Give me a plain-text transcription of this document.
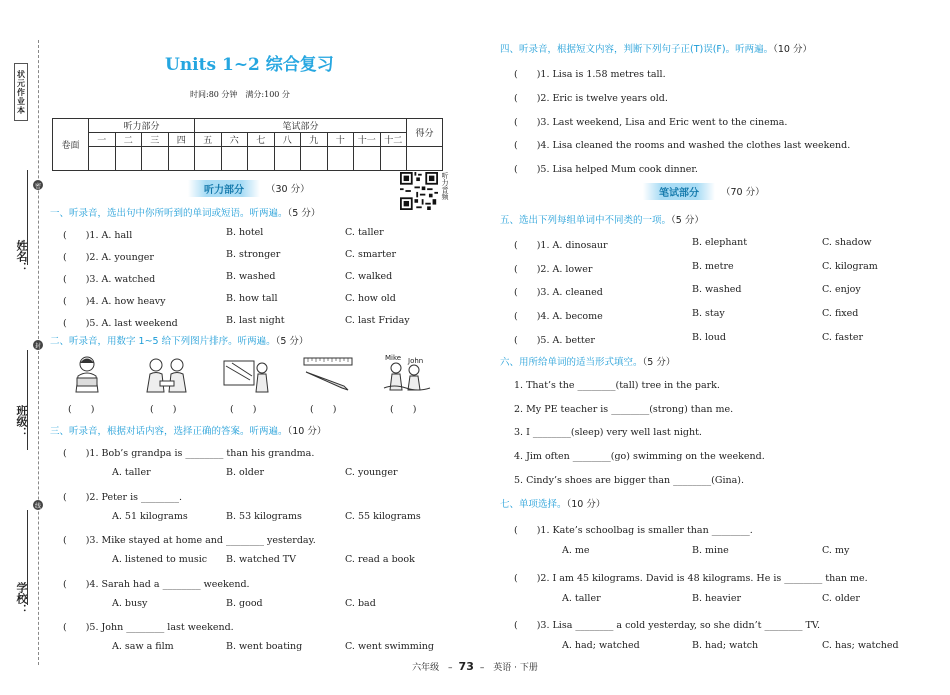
状元作业本
姓名：
班级：
学校：
密
封
线
Units 1~2 综合复习
时间:80 分钟　满分:100 分
卷面	听力部分				笔试部分								得分
	一	二	三	四	五	六	七	八	九	十	十一	十二	

听力音频
听力部分	（30 分）
一、听录音，选出句中你所听到的单词或短语。听两遍。（5 分）
(　　)1. A. hall	B. hotel	C. taller
(　　)2. A. younger	B. stronger	C. smarter
(　　)3. A. watched	B. washed	C. walked
(　　)4. A. how heavy	B. how tall	C. how old
(　　)5. A. last weekend	B. last night	C. last Friday
二、听录音，用数字 1~5 给下列图片排序。听两遍。（5 分）
Mike John
(　　)	(　　)	(　　)	(　　)	(　　)
三、听录音，根据对话内容，选择正确的答案。听两遍。（10 分）
(　　)1. Bob’s grandpa is ________ than his grandma.
A. taller	B. older	C. younger
(　　)2. Peter is ________.
A. 51 kilograms	B. 53 kilograms	C. 55 kilograms
(　　)3. Mike stayed at home and ________ yesterday.
A. listened to music B. watched TV	C. read a book
(　　)4. Sarah had a ________ weekend.
A. busy	B. good	C. bad
(　　)5. John ________ last weekend.
A. saw a film	B. went boating	C. went swimming
四、听录音，根据短文内容，判断下列句子正(T)误(F)。听两遍。（10 分）
(　　)1. Lisa is 1.58 metres tall.
(　　)2. Eric is twelve years old.
(　　)3. Last weekend, Lisa and Eric went to the cinema.
(　　)4. Lisa cleaned the rooms and washed the clothes last weekend.
(　　)5. Lisa helped Mum cook dinner.
笔试部分	（70 分）
五、选出下列每组单词中不同类的一项。（5 分）
(　　)1. A. dinosaur	B. elephant	C. shadow
(　　)2. A. lower	B. metre	C. kilogram
(　　)3. A. cleaned	B. washed	C. enjoy
(　　)4. A. become	B. stay	C. fixed
(　　)5. A. better	B. loud	C. faster
六、用所给单词的适当形式填空。（5 分）
1. That’s the ________(tall) tree in the park.
2. My PE teacher is ________(strong) than me.
3. I ________(sleep) very well last night.
4. Jim often ________(go) swimming on the weekend.
5. Cindy’s shoes are bigger than ________(Gina).
七、单项选择。（10 分）
(　　)1. Kate’s schoolbag is smaller than ________.
A. me	B. mine	C. my
(　　)2. I am 45 kilograms. David is 48 kilograms. He is ________ than me.
A. taller	B. heavier	C. older
(　　)3. Lisa ________ a cold yesterday, so she didn’t ________ TV.
A. had; watched	B. had; watch	C. has; watched
六年级 – 73 – 英语 · 下册
